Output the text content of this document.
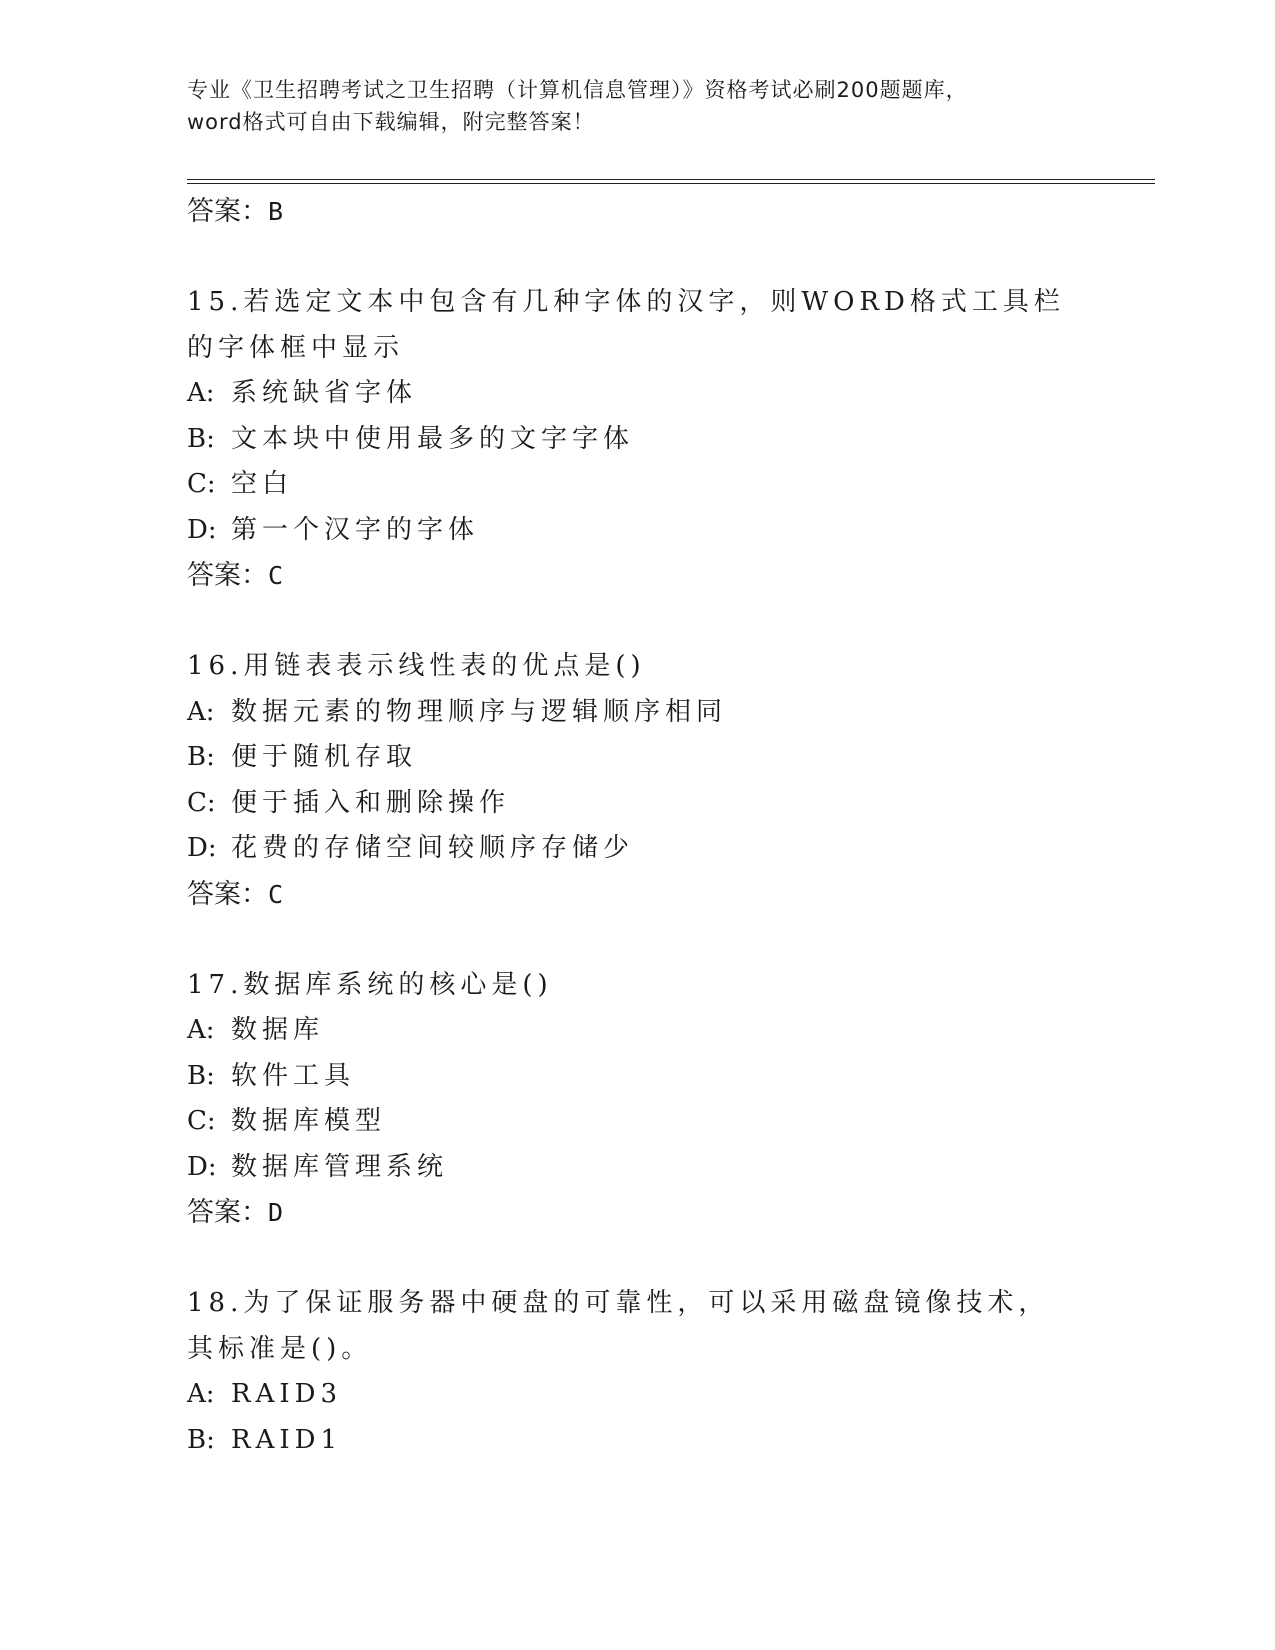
专业《卫生招聘考试之卫生招聘（计算机信息管理）》资格考试必刷200题题库，
word格式可自由下载编辑，附完整答案！
答案：B
15.若选定文本中包含有几种字体的汉字，则WORD格式工具栏的字体框中显示
A: 系统缺省字体
B: 文本块中使用最多的文字字体
C: 空白
D: 第一个汉字的字体
答案：C
16.用链表表示线性表的优点是()
A: 数据元素的物理顺序与逻辑顺序相同
B: 便于随机存取
C: 便于插入和删除操作
D: 花费的存储空间较顺序存储少
答案：C
17.数据库系统的核心是()
A: 数据库
B: 软件工具
C: 数据库模型
D: 数据库管理系统
答案：D
18.为了保证服务器中硬盘的可靠性，可以采用磁盘镜像技术，其标准是()。
A: RAID3
B: RAID1
